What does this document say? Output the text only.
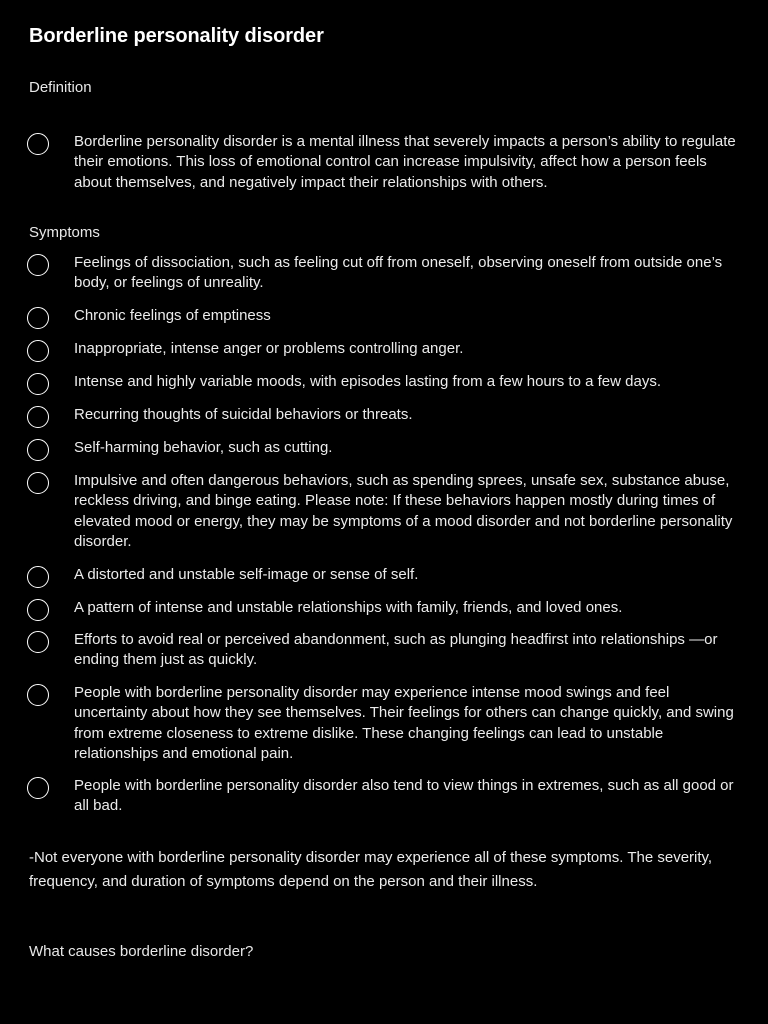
Borderline personality disorder

Definition

Borderline personality disorder is a mental illness that severely impacts a person’s ability to regulate their emotions. This loss of emotional control can increase impulsivity, affect how a person feels about themselves, and negatively impact their relationships with others.

Symptoms

Feelings of dissociation, such as feeling cut off from oneself, observing oneself from outside one’s body, or feelings of unreality.
Chronic feelings of emptiness
Inappropriate, intense anger or problems controlling anger.
Intense and highly variable moods, with episodes lasting from a few hours to a few days.
Recurring thoughts of suicidal behaviors or threats.
Self-harming behavior, such as cutting.
Impulsive and often dangerous behaviors, such as spending sprees, unsafe sex, substance abuse, reckless driving, and binge eating. Please note: If these behaviors happen mostly during times of elevated mood or energy, they may be symptoms of a mood disorder and not borderline personality disorder.
A distorted and unstable self-image or sense of self.
A pattern of intense and unstable relationships with family, friends, and loved ones.
Efforts to avoid real or perceived abandonment, such as plunging headfirst into relationships —or ending them just as quickly.
People with borderline personality disorder may experience intense mood swings and feel uncertainty about how they see themselves. Their feelings for others can change quickly, and swing from extreme closeness to extreme dislike. These changing feelings can lead to unstable relationships and emotional pain.
People with borderline personality disorder also tend to view things in extremes, such as all good or all bad.

-Not everyone with borderline personality disorder may experience all of these symptoms. The severity, frequency, and duration of symptoms depend on the person and their illness.

What causes borderline disorder?
